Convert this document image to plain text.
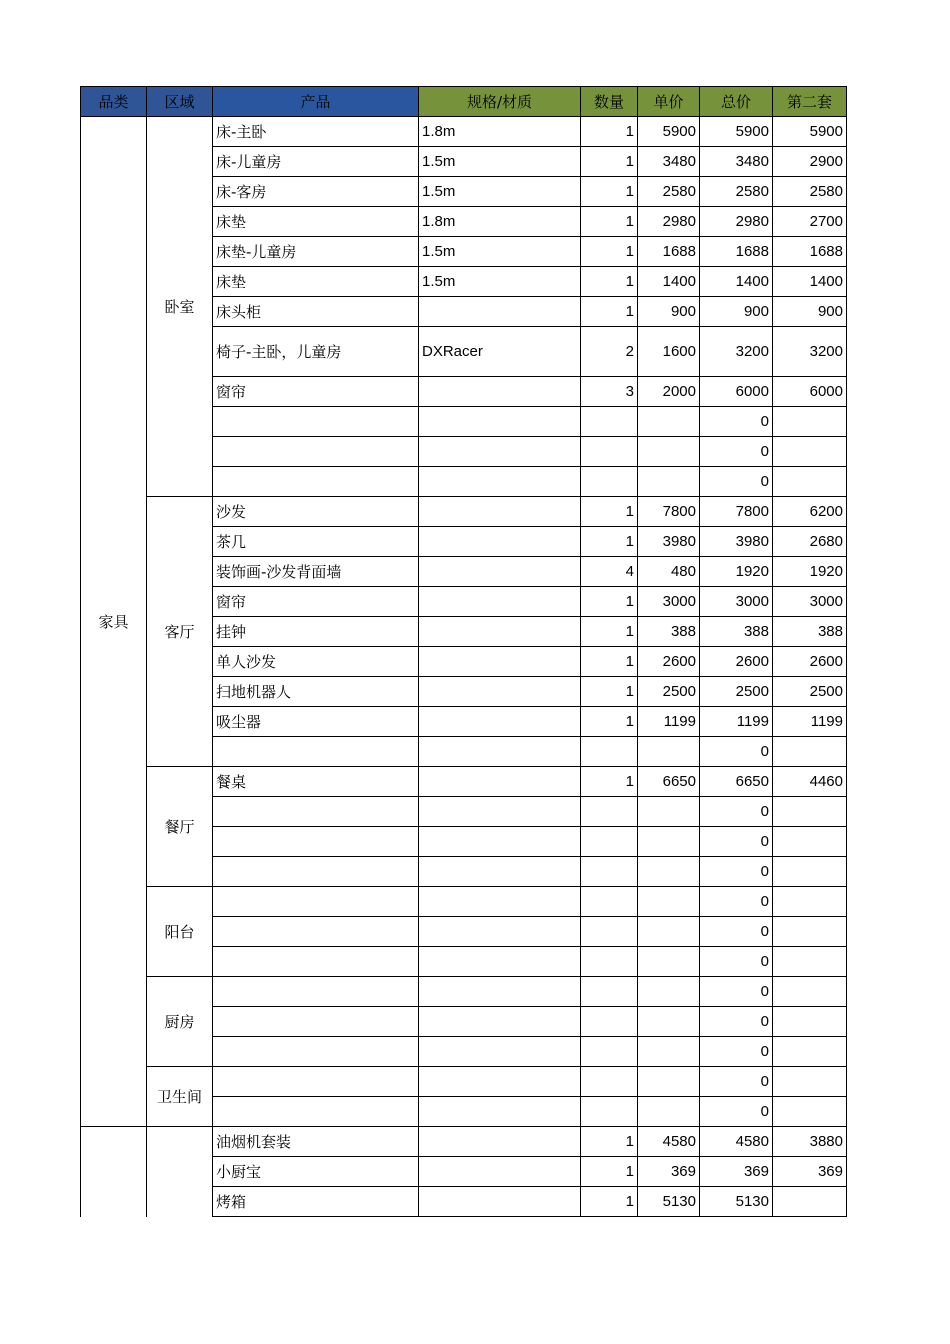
品类	区域	产品	规格/材质	数量	单价	总价	第二套
家具	卧室	床-主卧	1.8m	1	5900	5900	5900
		床-儿童房	1.5m	1	3480	3480	2900
		床-客房	1.5m	1	2580	2580	2580
		床垫	1.8m	1	2980	2980	2700
		床垫-儿童房	1.5m	1	1688	1688	1688
		床垫	1.5m	1	1400	1400	1400
		床头柜		1	900	900	900
		椅子-主卧，儿童房	DXRacer	2	1600	3200	3200
		窗帘		3	2000	6000	6000
						0	
						0	
						0	
	客厅	沙发		1	7800	7800	6200
		茶几		1	3980	3980	2680
		装饰画-沙发背面墙		4	480	1920	1920
		窗帘		1	3000	3000	3000
		挂钟		1	388	388	388
		单人沙发		1	2600	2600	2600
		扫地机器人		1	2500	2500	2500
		吸尘器		1	1199	1199	1199
						0	
	餐厅	餐桌		1	6650	6650	4460
						0	
						0	
						0	
	阳台					0	
						0	
						0	
	厨房					0	
						0	
						0	
	卫生间					0	
						0	
		油烟机套装		1	4580	4580	3880
		小厨宝		1	369	369	369
		烤箱		1	5130	5130	
